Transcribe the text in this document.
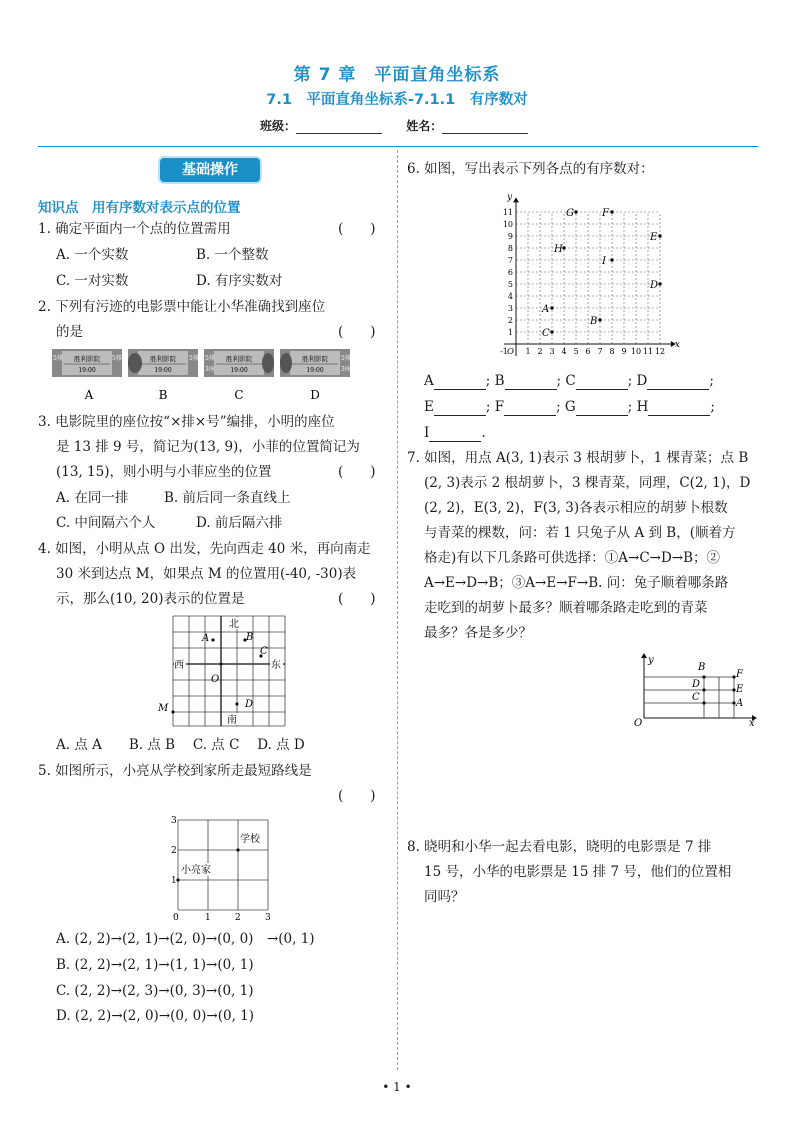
第 7 章　平面直角坐标系
7.1　平面直角坐标系-7.1.1　有序数对
班级：	姓名：
基础操作
知识点　用有序数对表示点的位置
1. 确定平面内一个点的位置需用	(　　)
A. 一个实数	B. 一个整数
C. 一对实数	D. 有序实数对
2. 下列有污迹的电影票中能让小华准确找到座位
的是	(　　)
5排	5排
胜利影院
19:00
A
5排
胜利影院
19:00
B
5排
3座
胜利影院
19:00
C
5排
3座
胜利影院
19:00
D
3. 电影院里的座位按“×排×号”编排，小明的座位
是 13 排 9 号，简记为(13, 9)，小菲的位置简记为
(13, 15)，则小明与小菲应坐的位置	(　　)
A. 在同一排	B. 前后同一条直线上
C. 中间隔六个人	D. 前后隔六排
4. 如图，小明从点 O 出发，先向西走 40 米，再向南走
30 米到达点 M，如果点 M 的位置用(-40, -30)表
示，那么(10, 20)表示的位置是	(　　)
北
南
西	东
O
A	B
C
D
M
A. 点 A　　B. 点 B　 C. 点 C　 D. 点 D
5. 如图所示，小亮从学校到家所走最短路线是
(　　)
0	1	2	3
1
2
3
学校
小亮家
A. (2, 2)→(2, 1)→(2, 0)→(0, 0)　→(0, 1)
B. (2, 2)→(2, 1)→(1, 1)→(0, 1)
C. (2, 2)→(2, 3)→(0, 3)→(0, 1)
D. (2, 2)→(2, 0)→(0, 0)→(0, 1)
6. 如图，写出表示下列各点的有序数对：
x
y
O
-1 1 2 3 4 5 6 7 8 9 10 11 12
1
2
3
4
5
6
7
8
9
10
11
A
B
C
D
E
F
G
H
I
A	; B	; C	; D	;
E	; F	; G	; H	;
I	.
7. 如图，用点 A(3, 1)表示 3 根胡萝卜，1 棵青菜；点 B
(2, 3)表示 2 根胡萝卜，3 棵青菜，同理，C(2, 1)，D
(2, 2)，E(3, 2)，F(3, 3)各表示相应的胡萝卜根数
与青菜的棵数，问：若 1 只兔子从 A 到 B，(顺着方
格走)有以下几条路可供选择：①A→C→D→B；②
A→E→D→B；③A→E→F→B. 问：兔子顺着哪条路
走吃到的胡萝卜最多？顺着哪条路走吃到的青菜
最多？各是多少？
O	x
y
B
F
D	E
C
A
8. 晓明和小华一起去看电影，晓明的电影票是 7 排
15 号，小华的电影票是 15 排 7 号，他们的位置相
同吗？
• 1 •
